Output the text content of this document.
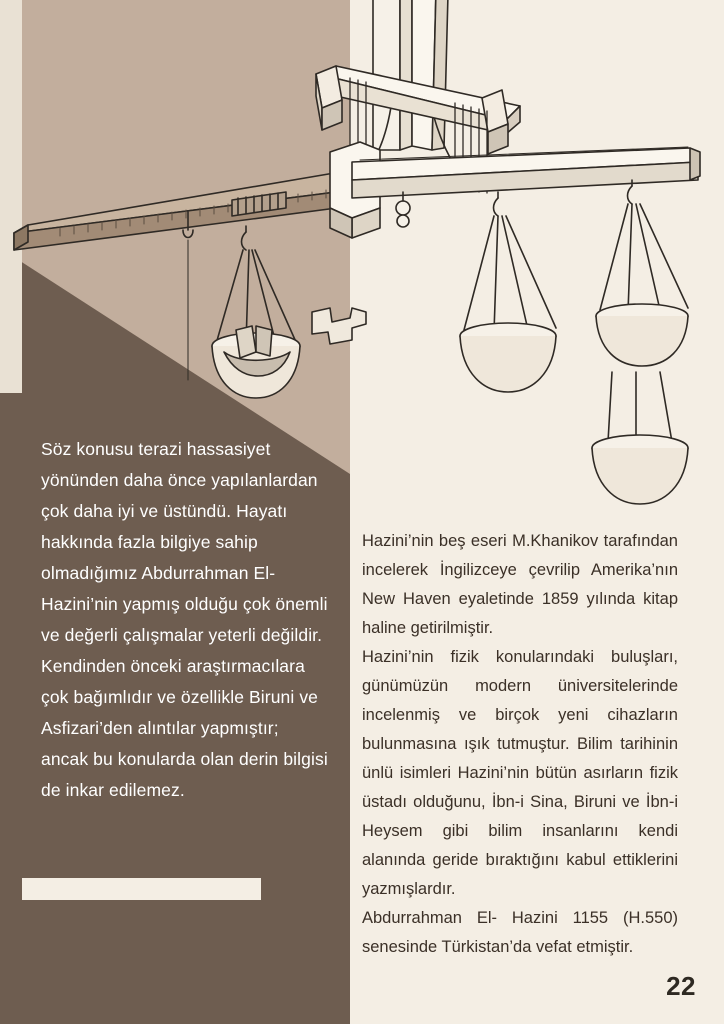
Söz konusu terazi hassasiyet yönünden daha önce yapılanlardan çok daha iyi ve üstündü. Hayatı hakkında fazla bilgiye sahip olmadığımız Abdurrahman El-Hazini’nin yapmış olduğu çok önemli ve değerli çalışmalar yeterli değildir. Kendinden önceki araştırmacılara çok bağımlıdır ve özellikle Biruni ve Asfizari’den alıntılar yapmıştır; ancak bu konularda olan derin bilgisi de inkar edilemez.

Hazini’nin beş eseri M.Khanikov tarafından incelerek İngilizceye çevrilip Amerika’nın New Haven eyaletinde 1859 yılında kitap haline getirilmiştir.

Hazini’nin fizik konularındaki buluşları, günümüzün modern üniversitelerinde incelenmiş ve birçok yeni cihazların bulunmasına ışık tutmuştur. Bilim tarihinin ünlü isimleri Hazini’nin bütün asırların fizik üstadı olduğunu, İbn-i Sina, Biruni ve İbn-i Heysem gibi bilim insanlarını kendi alanında geride bıraktığını kabul ettiklerini yazmışlardır.

Abdurrahman El- Hazini 1155 (H.550) senesinde Türkistan’da vefat etmiştir.

22
